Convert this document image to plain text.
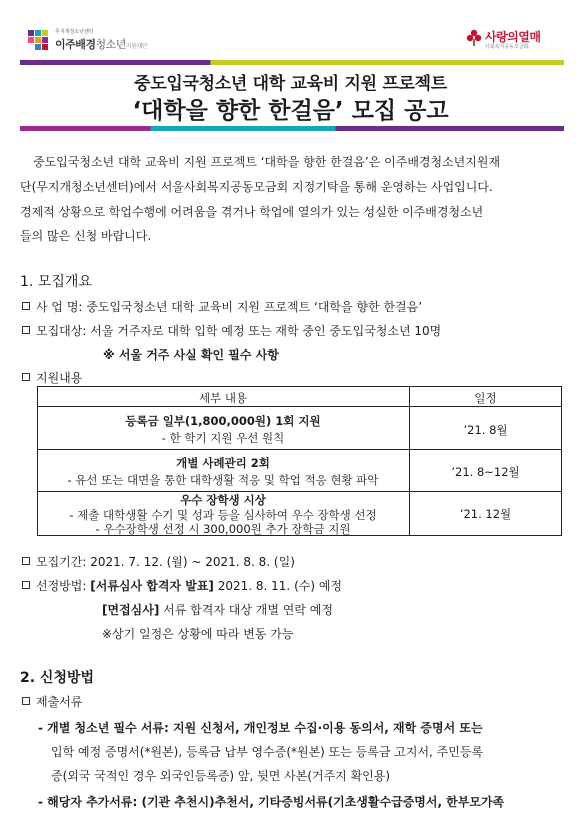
무지개청소년센터
이주배경청소년지원재단
사랑의열매
사회복지공동모금회
중도입국청소년 대학 교육비 지원 프로젝트
‘대학을 향한 한걸음’ 모집 공고
중도입국청소년 대학 교육비 지원 프로젝트 ‘대학을 향한 한걸음’은 이주배경청소년지원재
단(무지개청소년센터)에서 서울사회복지공동모금회 지정기탁을 통해 운영하는 사업입니다.
경제적 상황으로 학업수행에 어려움을 겪거나 학업에 열의가 있는 성실한 이주배경청소년
들의 많은 신청 바랍니다.
1. 모집개요
사 업 명: 중도입국청소년 대학 교육비 지원 프로젝트 ‘대학을 향한 한걸음’
모집대상: 서울 거주자로 대학 입학 예정 또는 재학 중인 중도입국청소년 10명
※ 서울 거주 사실 확인 필수 사항
지원내용
세부 내용	일정
등록금 일부(1,800,000원) 1회 지원
- 한 학기 지원 우선 원칙
’21. 8월
개별 사례관리 2회
- 유선 또는 대면을 통한 대학생활 적응 및 학업 적응 현황 파악
’21. 8~12월
우수 장학생 시상
- 제출 대학생활 수기 및 성과 등을 심사하여 우수 장학생 선정
- 우수장학생 선정 시 300,000원 추가 장학금 지원
’21. 12월
모집기간: 2021. 7. 12. (월) ~ 2021. 8. 8. (일)
선정방법: [서류심사 합격자 발표] 2021. 8. 11. (수) 예정
[면접심사] 서류 합격자 대상 개별 연락 예정
※상기 일정은 상황에 따라 변동 가능
2. 신청방법
제출서류
- 개별 청소년 필수 서류: 지원 신청서, 개인정보 수집·이용 동의서, 재학 증명서 또는
입학 예정 증명서(*원본), 등록금 납부 영수증(*원본) 또는 등록금 고지서, 주민등록
증(외국 국적인 경우 외국인등록증) 앞, 뒷면 사본(거주지 확인용)
- 해당자 추가서류: (기관 추천시)추천서, 기타증빙서류(기초생활수급증명서, 한부모가족
